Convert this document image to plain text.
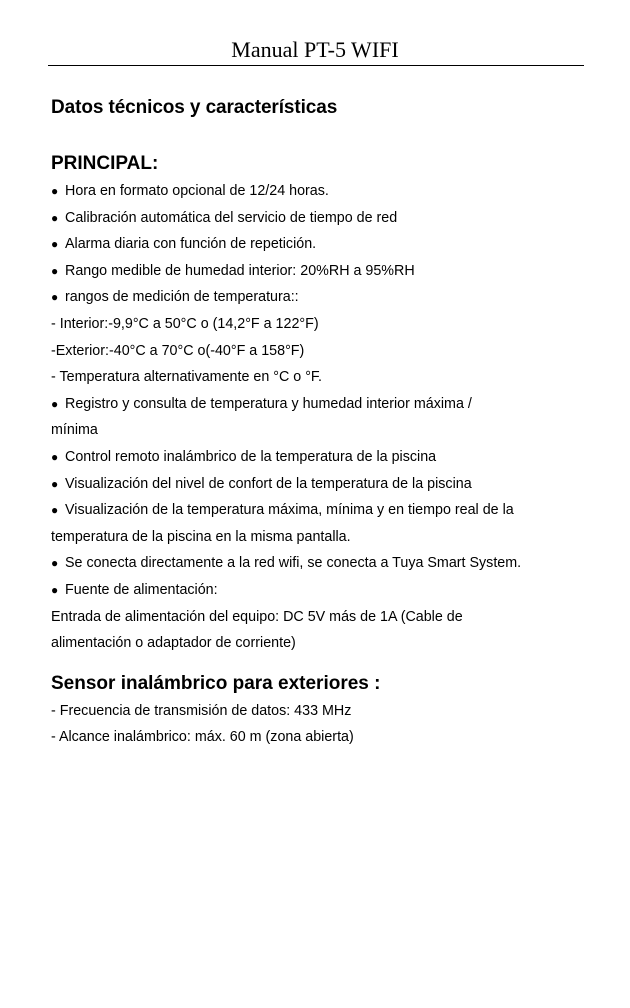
Manual PT-5 WIFI
Datos técnicos y características
PRINCIPAL:
● Hora en formato opcional de 12/24 horas.
● Calibración automática del servicio de tiempo de red
● Alarma diaria con función de repetición.
● Rango medible de humedad interior: 20%RH a 95%RH
● rangos de medición de temperatura::
- Interior:-9,9°C a 50°C o (14,2°F a 122°F)
-Exterior:-40°C a 70°C o(-40°F a 158°F)
- Temperatura alternativamente en °C o °F.
● Registro y consulta de temperatura y humedad interior máxima /
mínima
● Control remoto inalámbrico de la temperatura de la piscina
● Visualización del nivel de confort de la temperatura de la piscina
● Visualización de la temperatura máxima, mínima y en tiempo real de la
temperatura de la piscina en la misma pantalla.
● Se conecta directamente a la red wifi, se conecta a Tuya Smart System.
● Fuente de alimentación:
Entrada de alimentación del equipo: DC 5V más de 1A (Cable de
alimentación o adaptador de corriente)
Sensor inalámbrico para exteriores :
- Frecuencia de transmisión de datos: 433 MHz
- Alcance inalámbrico: máx. 60 m (zona abierta)
